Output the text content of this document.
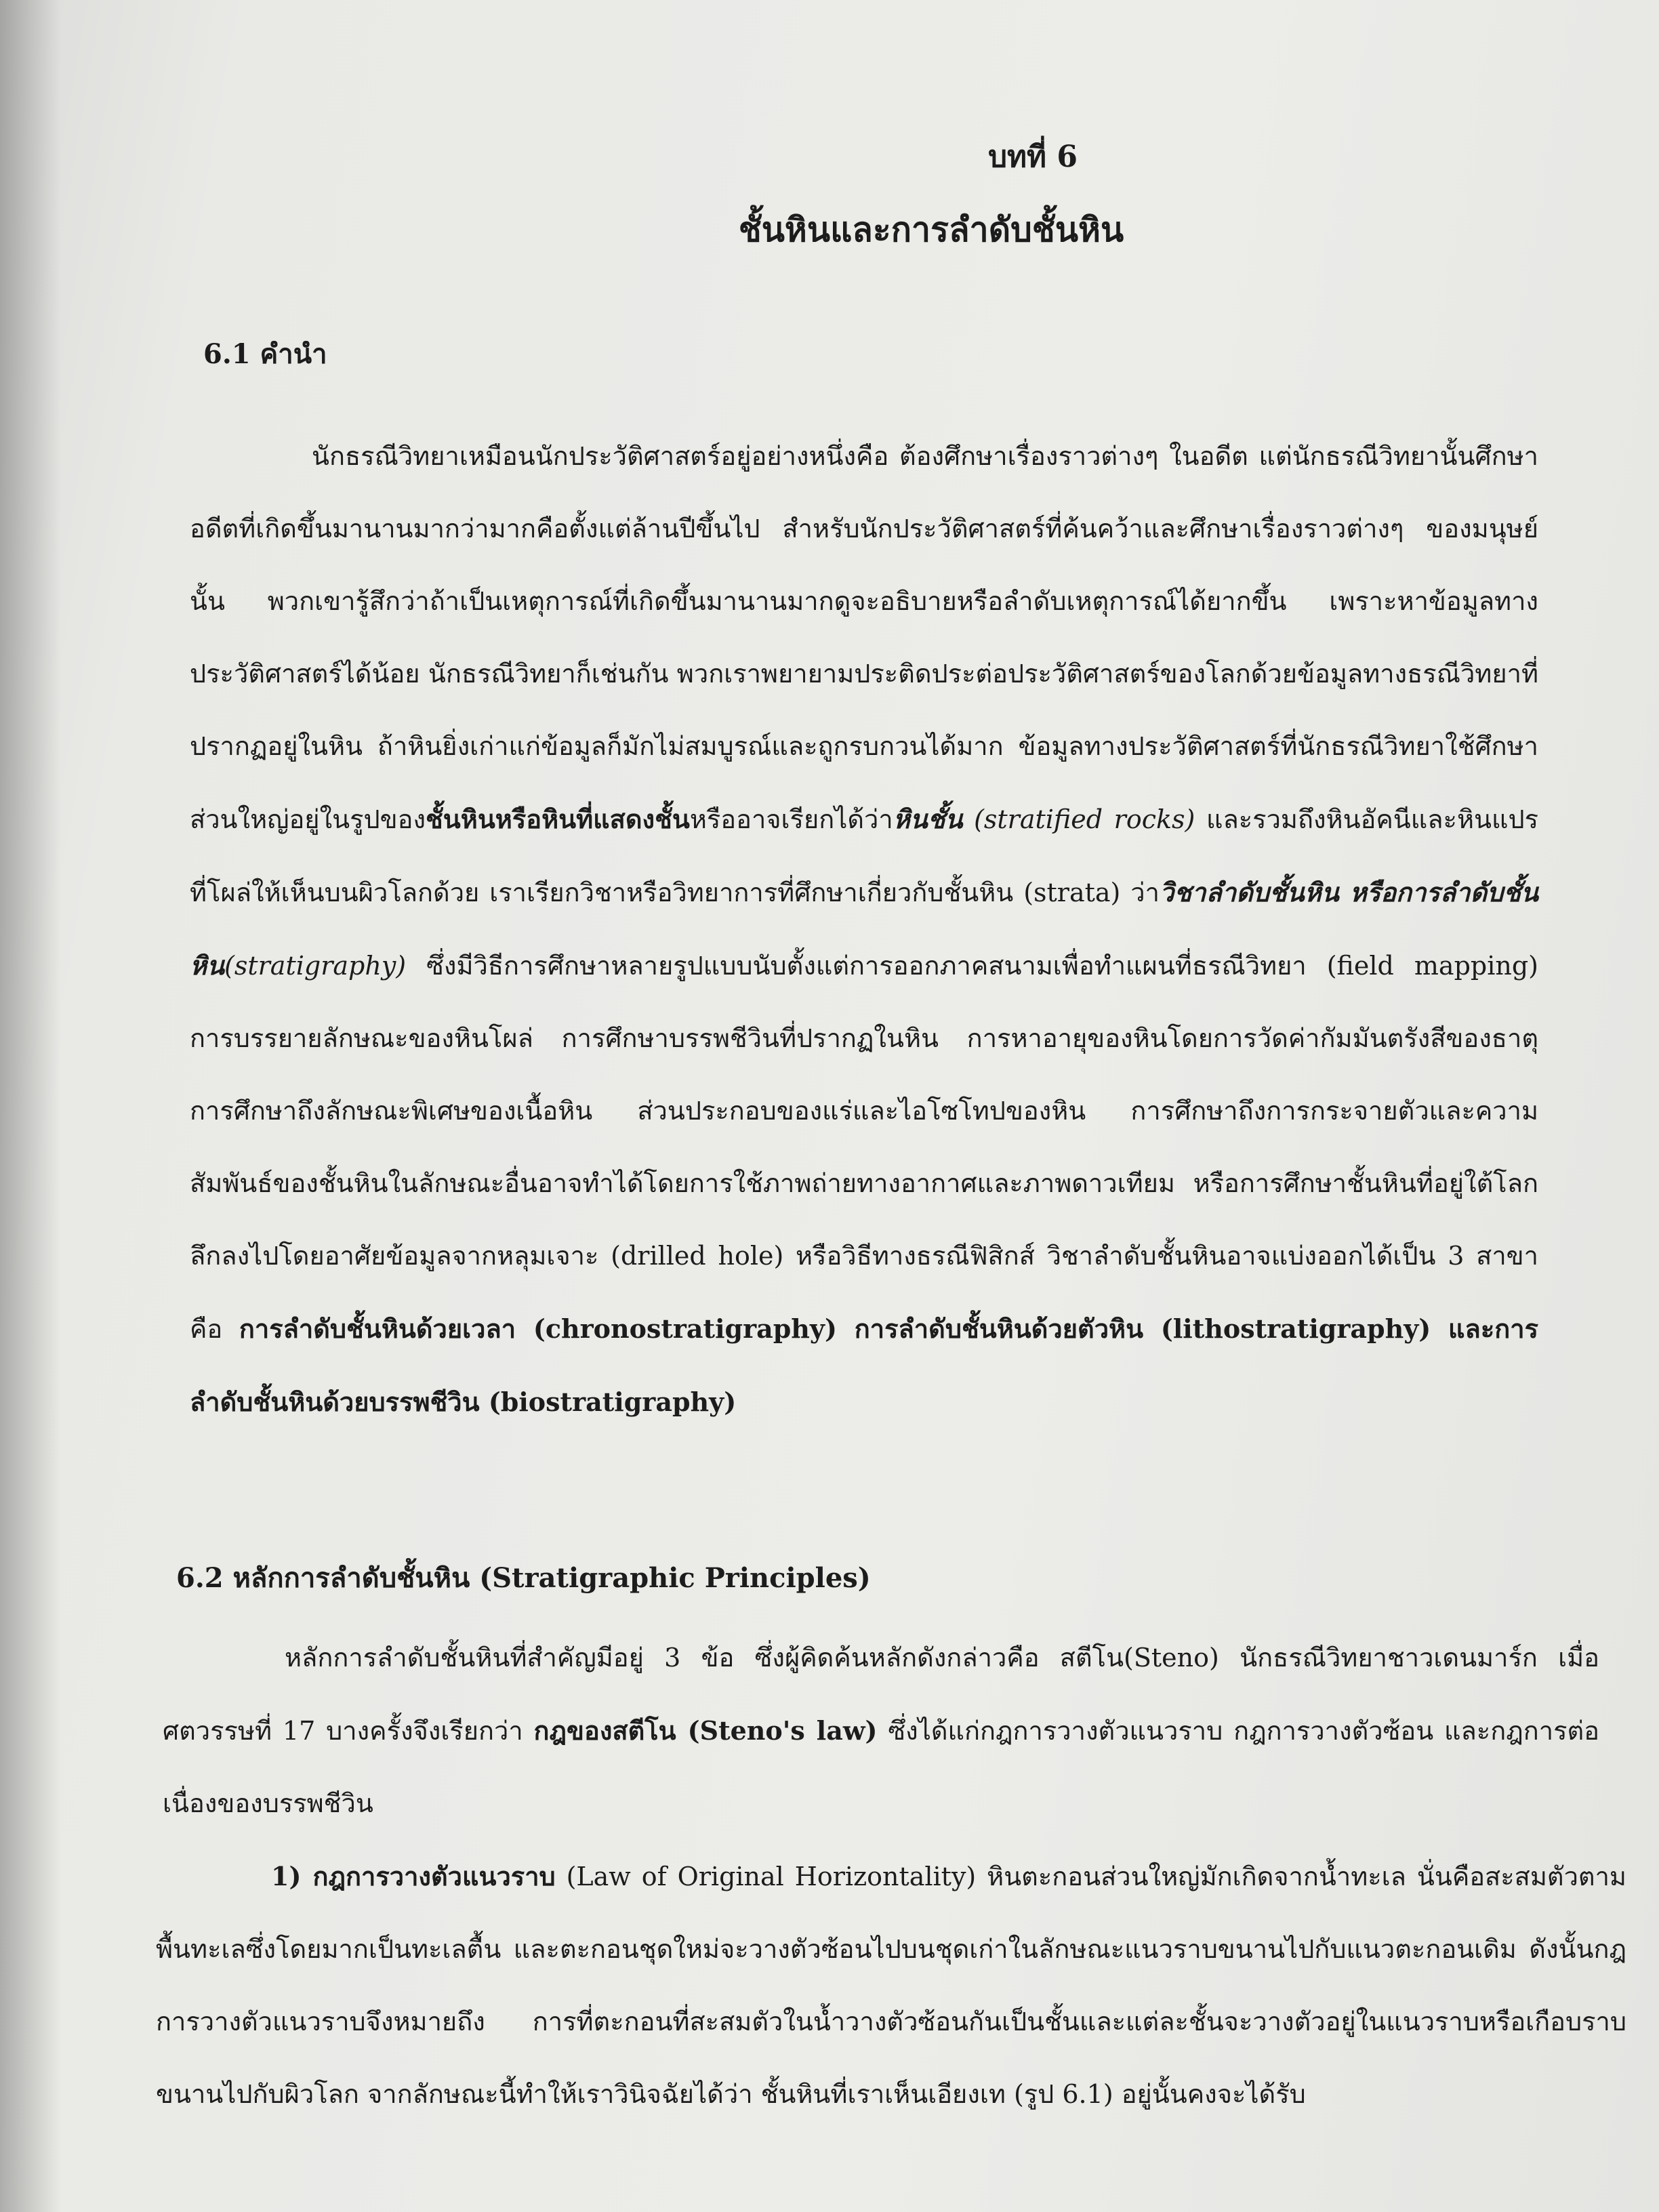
บทที่ 6
ชั้นหินและการลำดับชั้นหิน
6.1 คำนำ

นักธรณีวิทยาเหมือนนักประวัติศาสตร์อยู่อย่างหนึ่งคือ ต้องศึกษาเรื่องราวต่างๆ ในอดีต แต่นักธรณีวิทยานั้นศึกษาอดีตที่เกิดขึ้นมานานมากว่ามากคือตั้งแต่ล้านปีขึ้นไป สำหรับนักประวัติศาสตร์ที่ค้นคว้าและศึกษาเรื่องราวต่างๆ ของมนุษย์นั้น พวกเขารู้สึกว่าถ้าเป็นเหตุการณ์ที่เกิดขึ้นมานานมากดูจะอธิบายหรือลำดับเหตุการณ์ได้ยากขึ้น เพราะหาข้อมูลทางประวัติศาสตร์ได้น้อย นักธรณีวิทยาก็เช่นกัน พวกเราพยายามประติดประต่อประวัติศาสตร์ของโลกด้วยข้อมูลทางธรณีวิทยาที่ปรากฏอยู่ในหิน ถ้าหินยิ่งเก่าแก่ข้อมูลก็มักไม่สมบูรณ์และถูกรบกวนได้มาก ข้อมูลทางประวัติศาสตร์ที่นักธรณีวิทยาใช้ศึกษาส่วนใหญ่อยู่ในรูปของชั้นหินหรือหินที่แสดงชั้นหรืออาจเรียกได้ว่าหินชั้น (stratified rocks) และรวมถึงหินอัคนีและหินแปรที่โผล่ให้เห็นบนผิวโลกด้วย เราเรียกวิชาหรือวิทยาการที่ศึกษาเกี่ยวกับชั้นหิน (strata) ว่าวิชาลำดับชั้นหิน หรือการลำดับชั้นหิน(stratigraphy) ซึ่งมีวิธีการศึกษาหลายรูปแบบนับตั้งแต่การออกภาคสนามเพื่อทำแผนที่ธรณีวิทยา (field mapping) การบรรยายลักษณะของหินโผล่ การศึกษาบรรพชีวินที่ปรากฏในหิน การหาอายุของหินโดยการวัดค่ากัมมันตรังสีของธาตุ การศึกษาถึงลักษณะพิเศษของเนื้อหิน ส่วนประกอบของแร่และไอโซโทปของหิน การศึกษาถึงการกระจายตัวและความสัมพันธ์ของชั้นหินในลักษณะอื่นอาจทำได้โดยการใช้ภาพถ่ายทางอากาศและภาพดาวเทียม หรือการศึกษาชั้นหินที่อยู่ใต้โลกลึกลงไปโดยอาศัยข้อมูลจากหลุมเจาะ (drilled hole) หรือวิธีทางธรณีฟิสิกส์ วิชาลำดับชั้นหินอาจแบ่งออกได้เป็น 3 สาขาคือ การลำดับชั้นหินด้วยเวลา (chronostratigraphy) การลำดับชั้นหินด้วยตัวหิน (lithostratigraphy) และการลำดับชั้นหินด้วยบรรพชีวิน (biostratigraphy)

6.2 หลักการลำดับชั้นหิน (Stratigraphic Principles)

หลักการลำดับชั้นหินที่สำคัญมีอยู่ 3 ข้อ ซึ่งผู้คิดค้นหลักดังกล่าวคือ สตีโน(Steno) นักธรณีวิทยาชาวเดนมาร์ก เมื่อศตวรรษที่ 17 บางครั้งจึงเรียกว่า กฎของสตีโน (Steno's law) ซึ่งได้แก่กฎการวางตัวแนวราบ กฎการวางตัวซ้อน และกฎการต่อเนื่องของบรรพชีวิน

1) กฎการวางตัวแนวราบ (Law of Original Horizontality) หินตะกอนส่วนใหญ่มักเกิดจากน้ำทะเล นั่นคือสะสมตัวตามพื้นทะเลซึ่งโดยมากเป็นทะเลตื้น และตะกอนชุดใหม่จะวางตัวซ้อนไปบนชุดเก่าในลักษณะแนวราบขนานไปกับแนวตะกอนเดิม ดังนั้นกฎการวางตัวแนวราบจึงหมายถึง การที่ตะกอนที่สะสมตัวในน้ำวางตัวซ้อนกันเป็นชั้นและแต่ละชั้นจะวางตัวอยู่ในแนวราบหรือเกือบราบขนานไปกับผิวโลก จากลักษณะนี้ทำให้เราวินิจฉัยได้ว่า ชั้นหินที่เราเห็นเอียงเท (รูป 6.1) อยู่นั้นคงจะได้รับ
